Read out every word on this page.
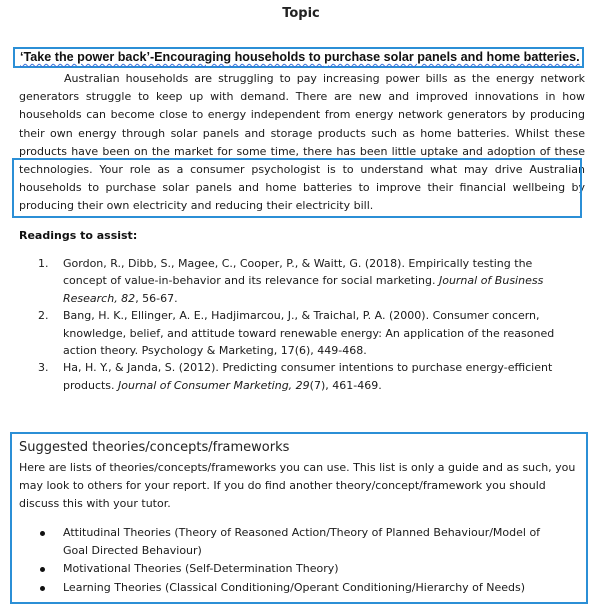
Topic
‘Take the power back’-Encouraging households to purchase solar panels and home batteries.

Australian households are struggling to pay increasing power bills as the energy network generators struggle to keep up with demand. There are new and improved innovations in how households can become close to energy independent from energy network generators by producing their own energy through solar panels and storage products such as home batteries. Whilst these products have been on the market for some time, there has been little uptake and adoption of these technologies. Your role as a consumer psychologist is to understand what may drive Australian households to purchase solar panels and home batteries to improve their financial wellbeing by producing their own electricity and reducing their electricity bill.

Readings to assist:
1. Gordon, R., Dibb, S., Magee, C., Cooper, P., & Waitt, G. (2018). Empirically testing the concept of value-in-behavior and its relevance for social marketing. Journal of Business Research, 82, 56-67.
2. Bang, H. K., Ellinger, A. E., Hadjimarcou, J., & Traichal, P. A. (2000). Consumer concern, knowledge, belief, and attitude toward renewable energy: An application of the reasoned action theory. Psychology & Marketing, 17(6), 449-468.
3. Ha, H. Y., & Janda, S. (2012). Predicting consumer intentions to purchase energy-efficient products. Journal of Consumer Marketing, 29(7), 461-469.
Suggested theories/concepts/frameworks

Here are lists of theories/concepts/frameworks you can use. This list is only a guide and as such, you may look to others for your report. If you do find another theory/concept/framework you should discuss this with your tutor.

Attitudinal Theories (Theory of Reasoned Action/Theory of Planned Behaviour/Model of Goal Directed Behaviour)
Motivational Theories (Self-Determination Theory)
Learning Theories (Classical Conditioning/Operant Conditioning/Hierarchy of Needs)
